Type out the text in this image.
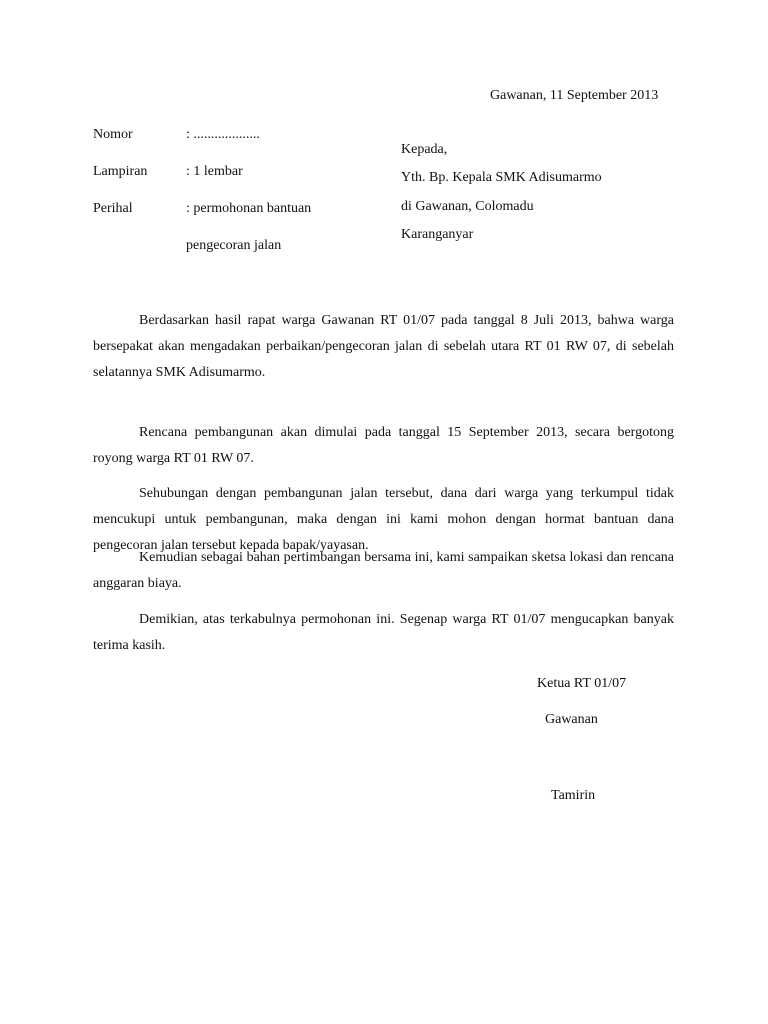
Gawanan, 11 September 2013
Nomor	: ...................
Lampiran	: 1 lembar
Perihal	: permohonan bantuan
pengecoran jalan
Kepada,
Yth. Bp. Kepala SMK Adisumarmo
di Gawanan, Colomadu
Karanganyar

Berdasarkan hasil rapat warga Gawanan RT 01/07 pada tanggal 8 Juli 2013, bahwa warga bersepakat akan mengadakan perbaikan/pengecoran jalan di sebelah utara RT 01 RW 07, di sebelah selatannya SMK Adisumarmo.

Rencana pembangunan akan dimulai pada tanggal 15 September 2013, secara bergotong royong warga RT 01 RW 07.

Sehubungan dengan pembangunan jalan tersebut, dana dari warga yang terkumpul tidak mencukupi untuk pembangunan, maka dengan ini kami mohon dengan hormat bantuan dana pengecoran jalan tersebut kepada bapak/yayasan.

Kemudian sebagai bahan pertimbangan bersama ini, kami sampaikan sketsa lokasi dan rencana anggaran biaya.

Demikian, atas terkabulnya permohonan ini. Segenap warga RT 01/07 mengucapkan banyak terima kasih.

Ketua RT 01/07
Gawanan
Tamirin
